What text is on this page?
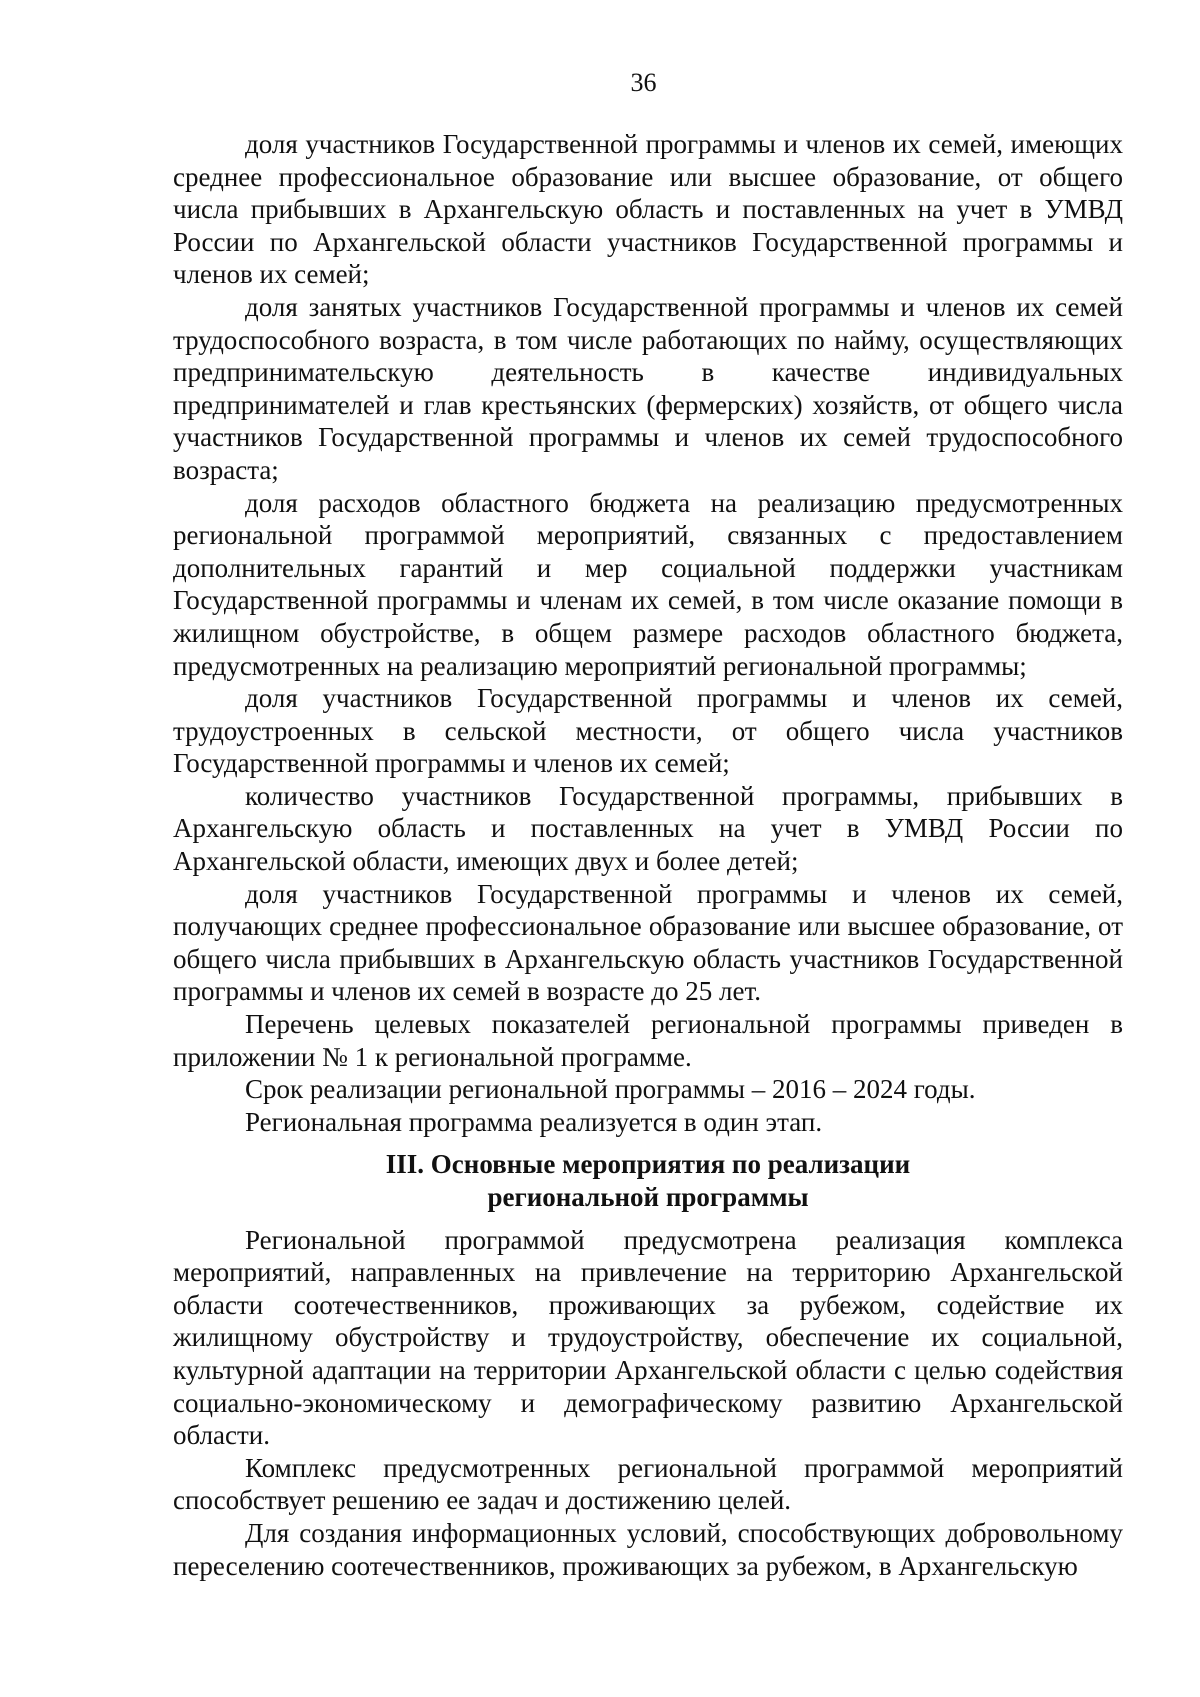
36

доля участников Государственной программы и членов их семей, имеющих среднее профессиональное образование или высшее образование, от общего числа прибывших в Архангельскую область и поставленных на учет в УМВД России по Архангельской области участников Государственной программы и членов их семей;

доля занятых участников Государственной программы и членов их семей трудоспособного возраста, в том числе работающих по найму, осуществляющих предпринимательскую деятельность в качестве индивидуальных предпринимателей и глав крестьянских (фермерских) хозяйств, от общего числа участников Государственной программы и членов их семей трудоспособного возраста;

доля расходов областного бюджета на реализацию предусмотренных региональной программой мероприятий, связанных с предоставлением дополнительных гарантий и мер социальной поддержки участникам Государственной программы и членам их семей, в том числе оказание помощи в жилищном обустройстве, в общем размере расходов областного бюджета, предусмотренных на реализацию мероприятий региональной программы;

доля участников Государственной программы и членов их семей, трудоустроенных в сельской местности, от общего числа участников Государственной программы и членов их семей;

количество участников Государственной программы, прибывших в Архангельскую область и поставленных на учет в УМВД России по Архангельской области, имеющих двух и более детей;

доля участников Государственной программы и членов их семей, получающих среднее профессиональное образование или высшее образование, от общего числа прибывших в Архангельскую область участников Государственной программы и членов их семей в возрасте до 25 лет.

Перечень целевых показателей региональной программы приведен в приложении № 1 к региональной программе.

Срок реализации региональной программы – 2016 – 2024 годы.

Региональная программа реализуется в один этап.

III. Основные мероприятия по реализации
региональной программы

Региональной программой предусмотрена реализация комплекса мероприятий, направленных на привлечение на территорию Архангельской области соотечественников, проживающих за рубежом, содействие их жилищному обустройству и трудоустройству, обеспечение их социальной, культурной адаптации на территории Архангельской области с целью содействия социально-экономическому и демографическому развитию Архангельской области.

Комплекс предусмотренных региональной программой мероприятий способствует решению ее задач и достижению целей.

Для создания информационных условий, способствующих добровольному переселению соотечественников, проживающих за рубежом, в Архангельскую
